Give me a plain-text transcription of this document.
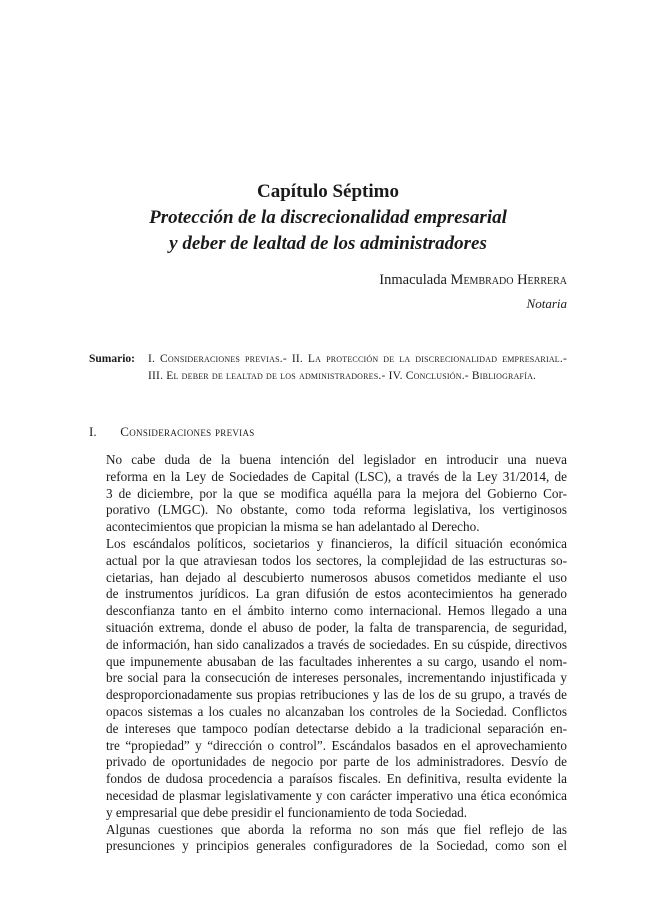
Capítulo Séptimo
Protección de la discrecionalidad empresarial
y deber de lealtad de los administradores
Inmaculada Membrado Herrera
Notaria
Sumario: I. Consideraciones previas.- II. La protección de la discrecionalidad empresarial.- III. El deber de lealtad de los administradores.- IV. Conclusión.- Bibliografía.
I. Consideraciones previas

No cabe duda de la buena intención del legislador en introducir una nueva
reforma en la Ley de Sociedades de Capital (LSC), a través de la Ley 31/2014, de
3 de diciembre, por la que se modifica aquélla para la mejora del Gobierno Cor-
porativo (LMGC). No obstante, como toda reforma legislativa, los vertiginosos
acontecimientos que propician la misma se han adelantado al Derecho.

Los escándalos políticos, societarios y financieros, la difícil situación económica
actual por la que atraviesan todos los sectores, la complejidad de las estructuras so-
cietarias, han dejado al descubierto numerosos abusos cometidos mediante el uso
de instrumentos jurídicos. La gran difusión de estos acontecimientos ha generado
desconfianza tanto en el ámbito interno como internacional. Hemos llegado a una
situación extrema, donde el abuso de poder, la falta de transparencia, de seguridad,
de información, han sido canalizados a través de sociedades. En su cúspide, directivos
que impunemente abusaban de las facultades inherentes a su cargo, usando el nom-
bre social para la consecución de intereses personales, incrementando injustificada y
desproporcionadamente sus propias retribuciones y las de los de su grupo, a través de
opacos sistemas a los cuales no alcanzaban los controles de la Sociedad. Conflictos
de intereses que tampoco podían detectarse debido a la tradicional separación en-
tre “propiedad” y “dirección o control”. Escándalos basados en el aprovechamiento
privado de oportunidades de negocio por parte de los administradores. Desvío de
fondos de dudosa procedencia a paraísos fiscales. En definitiva, resulta evidente la
necesidad de plasmar legislativamente y con carácter imperativo una ética económica
y empresarial que debe presidir el funcionamiento de toda Sociedad.

Algunas cuestiones que aborda la reforma no son más que fiel reflejo de las
presunciones y principios generales configuradores de la Sociedad, como son el
